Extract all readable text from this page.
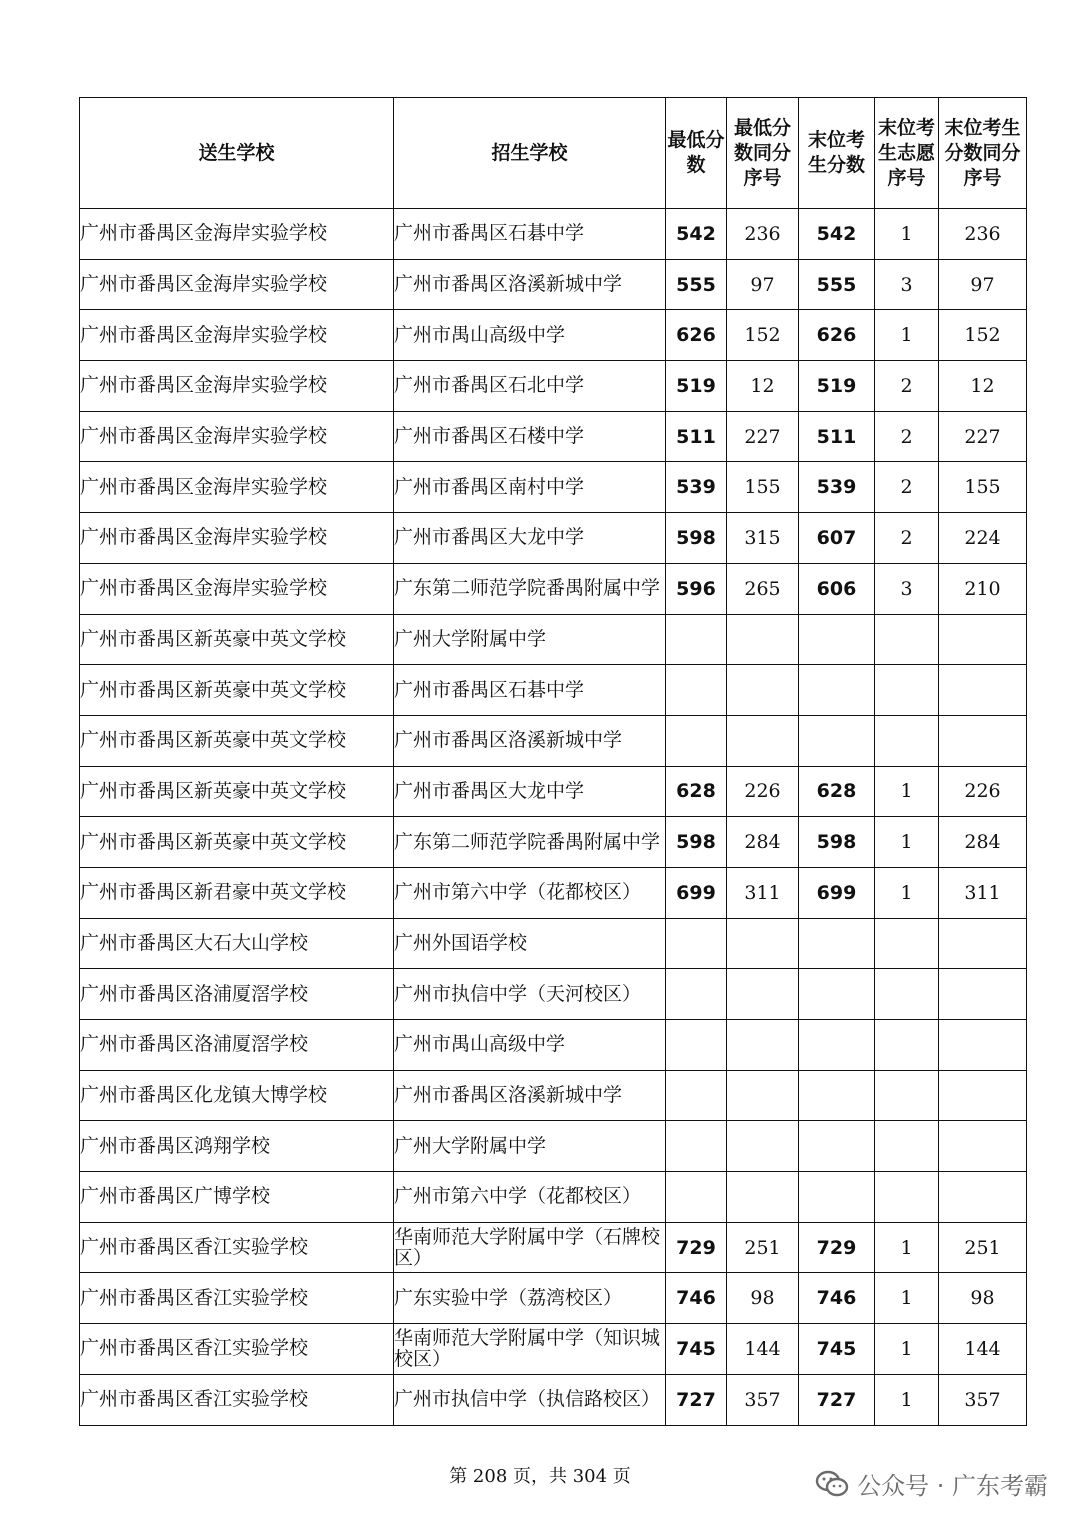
送生学校	招生学校	最低分数	最低分数同分序号	末位考生分数	末位考生志愿序号	末位考生分数同分序号
广州市番禺区金海岸实验学校	广州市番禺区石碁中学	542	236	542	1	236
广州市番禺区金海岸实验学校	广州市番禺区洛溪新城中学	555	97	555	3	97
广州市番禺区金海岸实验学校	广州市禺山高级中学	626	152	626	1	152
广州市番禺区金海岸实验学校	广州市番禺区石北中学	519	12	519	2	12
广州市番禺区金海岸实验学校	广州市番禺区石楼中学	511	227	511	2	227
广州市番禺区金海岸实验学校	广州市番禺区南村中学	539	155	539	2	155
广州市番禺区金海岸实验学校	广州市番禺区大龙中学	598	315	607	2	224
广州市番禺区金海岸实验学校	广东第二师范学院番禺附属中学	596	265	606	3	210
广州市番禺区新英豪中英文学校	广州大学附属中学					
广州市番禺区新英豪中英文学校	广州市番禺区石碁中学					
广州市番禺区新英豪中英文学校	广州市番禺区洛溪新城中学					
广州市番禺区新英豪中英文学校	广州市番禺区大龙中学	628	226	628	1	226
广州市番禺区新英豪中英文学校	广东第二师范学院番禺附属中学	598	284	598	1	284
广州市番禺区新君豪中英文学校	广州市第六中学（花都校区）	699	311	699	1	311
广州市番禺区大石大山学校	广州外国语学校					
广州市番禺区洛浦厦滘学校	广州市执信中学（天河校区）					
广州市番禺区洛浦厦滘学校	广州市禺山高级中学					
广州市番禺区化龙镇大博学校	广州市番禺区洛溪新城中学					
广州市番禺区鸿翔学校	广州大学附属中学					
广州市番禺区广博学校	广州市第六中学（花都校区）					
广州市番禺区香江实验学校	华南师范大学附属中学（石牌校区）	729	251	729	1	251
广州市番禺区香江实验学校	广东实验中学（荔湾校区）	746	98	746	1	98
广州市番禺区香江实验学校	华南师范大学附属中学（知识城校区）	745	144	745	1	144
广州市番禺区香江实验学校	广州市执信中学（执信路校区）	727	357	727	1	357
第 208 页，共 304 页	公众号 · 广东考霸
